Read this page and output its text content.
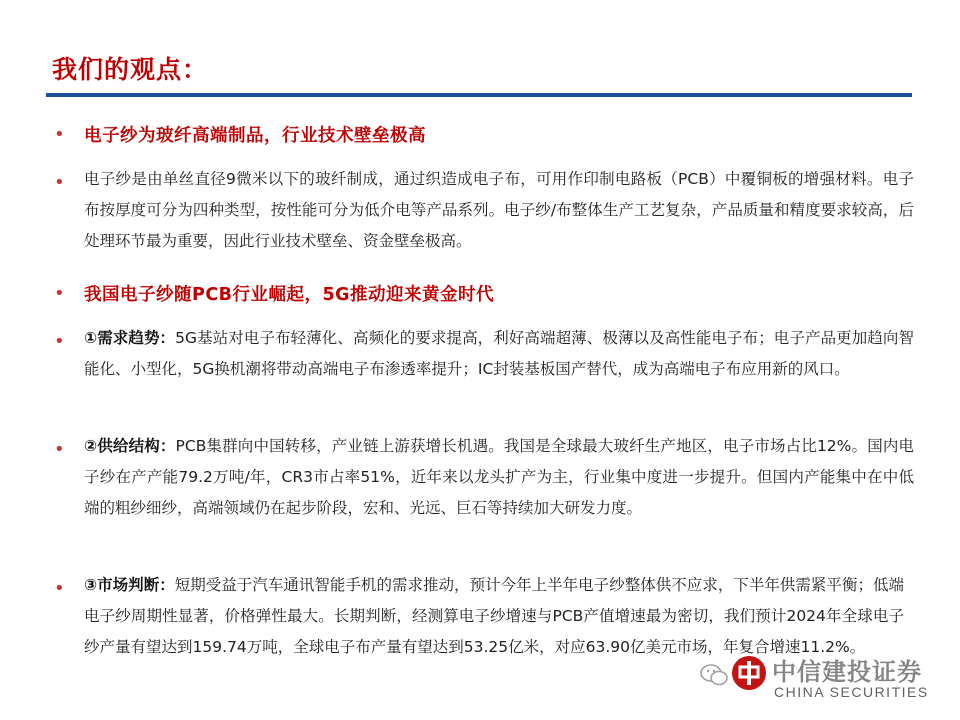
我们的观点：
• 电子纱为玻纤高端制品，行业技术壁垒极高
• 电子纱是由单丝直径9微米以下的玻纤制成，通过织造成电子布，可用作印制电路板（PCB）中覆铜板的增强材料。电子布按厚度可分为四种类型，按性能可分为低介电等产品系列。电子纱/布整体生产工艺复杂，产品质量和精度要求较高，后处理环节最为重要，因此行业技术壁垒、资金壁垒极高。
• 我国电子纱随PCB行业崛起，5G推动迎来黄金时代
• ①需求趋势：5G基站对电子布轻薄化、高频化的要求提高，利好高端超薄、极薄以及高性能电子布；电子产品更加趋向智能化、小型化，5G换机潮将带动高端电子布渗透率提升；IC封装基板国产替代，成为高端电子布应用新的风口。
• ②供给结构：PCB集群向中国转移，产业链上游获增长机遇。我国是全球最大玻纤生产地区，电子市场占比12%。国内电子纱在产产能79.2万吨/年，CR3市占率51%，近年来以龙头扩产为主，行业集中度进一步提升。但国内产能集中在中低端的粗纱细纱，高端领域仍在起步阶段，宏和、光远、巨石等持续加大研发力度。
• ③市场判断：短期受益于汽车通讯智能手机的需求推动，预计今年上半年电子纱整体供不应求，下半年供需紧平衡；低端电子纱周期性显著，价格弹性最大。长期判断，经测算电子纱增速与PCB产值增速最为密切，我们预计2024年全球电子纱产量有望达到159.74万吨，全球电子布产量有望达到53.25亿米，对应63.90亿美元市场，年复合增速11.2%。
中信建投证券
CHINA SECURITIES
